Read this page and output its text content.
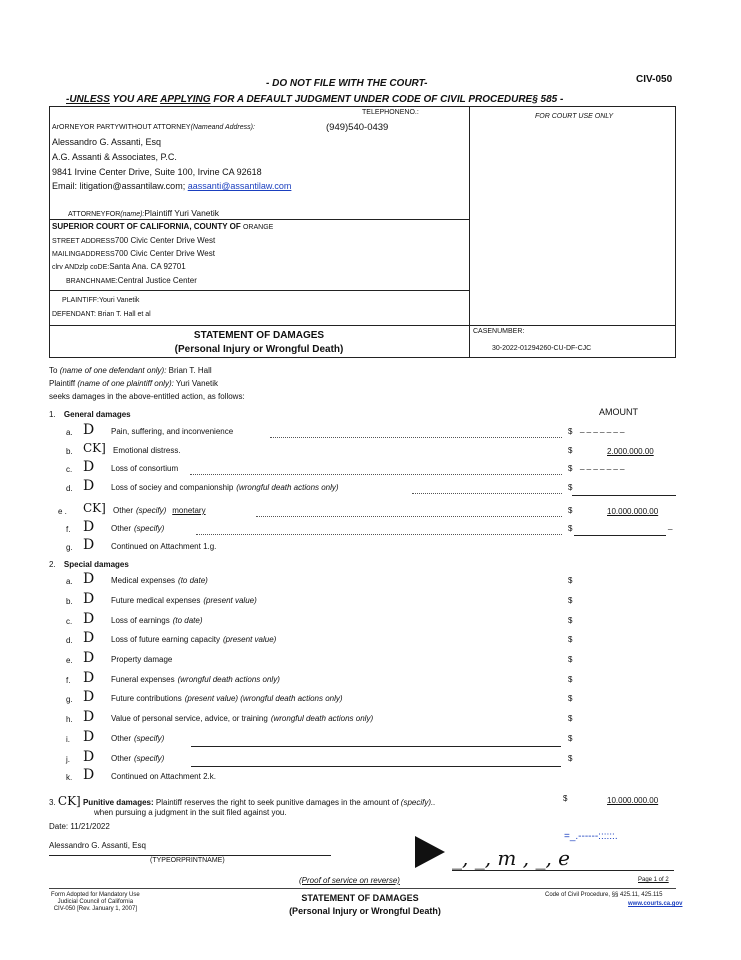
- DO NOT FILE WITH THE COURT-	CIV-050
-UNLESS YOU ARE APPLYING FOR A DEFAULT JUDGMENT UNDER CODE OF CIVIL PROCEDURE§ 585 -
ArORNEYOR PARTYWITHOUT ATTORNEY(Nameand Address):
TELEPHONENO.:
(949)540-0439
Alessandro G. Assanti, Esq
A.G. Assanti & Associates, P.C.
9841 Irvine Center Drive, Suite 100, Irvine CA 92618
Email: litigation@assantilaw.com; aassanti@assantilaw.com
ATTORNEYFOR(name):Plaintiff Yuri Vanetik
FOR COURT USE ONLY
SUPERIOR COURT OF CALIFORNIA, COUNTY OF ORANGE
STREET ADDRESS700 Civic Center Drive West
MAILINGADDRESS700 Civic Center Drive West
clrv ANDzlp coDE:Santa Ana. CA 92701
BRANCHNAME:Central Justice Center
PLAINTIFF:Youri Vanetik
DEFENDANT: Brian T. Hall et al
STATEMENT OF DAMAGES
(Personal Injury or Wrongful Death)
CASENUMBER:
30-2022-01294260-CU-DF-CJC
To (name of one defendant only): Brian T. Hall
Plaintiff (name of one plaintiff only): Yuri Vanetik
seeks damages in the above-entitled action, as follows:
AMOUNT
1. General damages
a. D Pain, suffering, and inconvenience	$ _ _ _ _ _ _ _
b. CK] Emotional distress.	$	2.000.000.00
c. D Loss of consortium	$ _ _ _ _ _ _ _
d. D Loss of sociey and companionship (wrongful death actions only)	$
e . CK] Other (specify) monetary	$	10.000.000.00
f. D Other (specify)	$	_
g. D Continued on Attachment 1.g.
2. Special damages
a. D Medical expenses (to date)	$
b. D Future medical expenses (present value)	$
c. D Loss of earnings (to date)	$
d. D Loss of future earning capacity (present value)	$
e. D Property damage	$
f. D Funeral expenses (wrongful death actions only)	$
g. D Future contributions (present value) (wrongful death actions only)	$
h. D Value of personal service, advice, or training (wrongful death actions only)	$
i. D Other (specify)	$
j. D Other (specify)	$
k. D Continued on Attachment 2.k.
3. CK] Punitive damages: Plaintiff reserves the right to seek punitive damages in the amount of (specify)..
when pursuing a judgment in the suit filed against you.
$	10.000.000.00
Date: 11/21/2022
Alessandro G. Assanti, Esq
(TYPEORPRINTNAME)
=_.------::::::.
_, _, m , _, e
(Proof of service on reverse)
Form Adopted for Mandatory Use
Judicial Council of California
CIV-050 [Rev. January 1, 2007]
STATEMENT OF DAMAGES
(Personal Injury or Wrongful Death)
Page 1 of 2
Code of Civil Procedure, §§ 425.11, 425.115
www.courts.ca.gov
